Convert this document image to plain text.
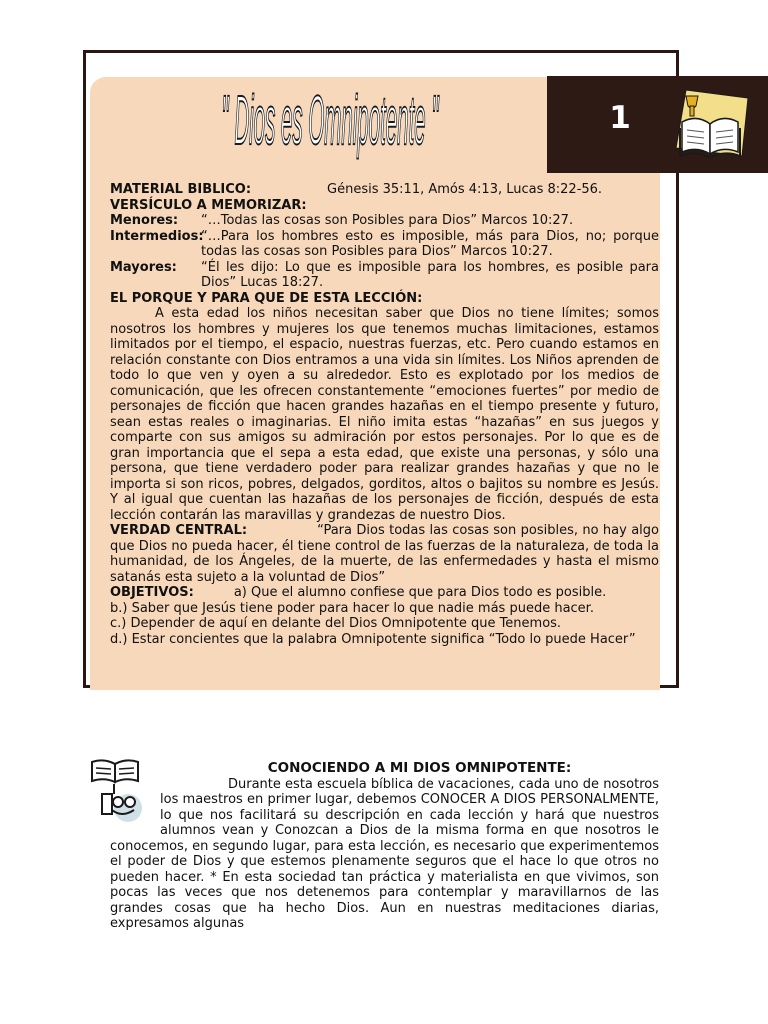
" Dios es Omnipotente "	1

MATERIAL BIBLICO:	Génesis 35:11, Amós 4:13, Lucas 8:22-56.

VERSÍCULO A MEMORIZAR:

Menores:	“…Todas las cosas son Posibles para Dios” Marcos 10:27.
Intermedios:
“…Para los hombres esto es imposible, más para Dios, no; porque todas las cosas son Posibles para Dios” Marcos 10:27.
Mayores:	“Él les dijo: Lo que es imposible para los hombres, es posible para Dios” Lucas 18:27.

EL PORQUE Y PARA QUE DE ESTA LECCIÓN:

A esta edad los niños necesitan saber que Dios no tiene límites; somos nosotros los hombres y mujeres los que tenemos muchas limitaciones, estamos limitados por el tiempo, el espacio, nuestras fuerzas, etc. Pero cuando estamos en relación constante con Dios entramos a una vida sin límites. Los Niños aprenden de todo lo que ven y oyen a su alrededor. Esto es explotado por los medios de comunicación, que les ofrecen constantemente “emociones fuertes” por medio de personajes de ficción que hacen grandes hazañas en el tiempo presente y futuro, sean estas reales o imaginarias. El niño imita estas “hazañas” en sus juegos y comparte con sus amigos su admiración por estos personajes. Por lo que es de gran importancia que el sepa a esta edad, que existe una personas, y sólo una persona, que tiene verdadero poder para realizar grandes hazañas y que no le importa si son ricos, pobres, delgados, gorditos, altos o bajitos su nombre es Jesús. Y al igual que cuentan las hazañas de los personajes de ficción, después de esta lección contarán las maravillas y grandezas de nuestro Dios.

VERDAD CENTRAL:	“Para Dios todas las cosas son posibles, no hay algo que Dios no pueda hacer, él tiene control de las fuerzas de la naturaleza, de toda la humanidad, de los Ángeles, de la muerte, de las enfermedades y hasta el mismo satanás esta sujeto a la voluntad de Dios”

OBJETIVOS:	a) Que el alumno confiese que para Dios todo es posible.

b.) Saber que Jesús tiene poder para hacer lo que nadie más puede hacer.

c.) Depender de aquí en delante del Dios Omnipotente que Tenemos.

d.) Estar concientes que la palabra Omnipotente significa “Todo lo puede Hacer”

CONOCIENDO A MI DIOS OMNIPOTENTE:

Durante esta escuela bíblica de vacaciones, cada uno de nosotros los maestros en primer lugar, debemos CONOCER A DIOS PERSONALMENTE, lo que nos facilitará su descripción en cada lección y hará que nuestros alumnos vean y Conozcan a Dios de la misma forma en que nosotros le conocemos, en segundo lugar, para esta lección, es necesario que experimentemos el poder de Dios y que estemos plenamente seguros que el hace lo que otros no pueden hacer. * En esta sociedad tan práctica y materialista en que vivimos, son pocas las veces que nos detenemos para contemplar y maravillarnos de las grandes cosas que ha hecho Dios. Aun en nuestras meditaciones diarias, expresamos algunas
